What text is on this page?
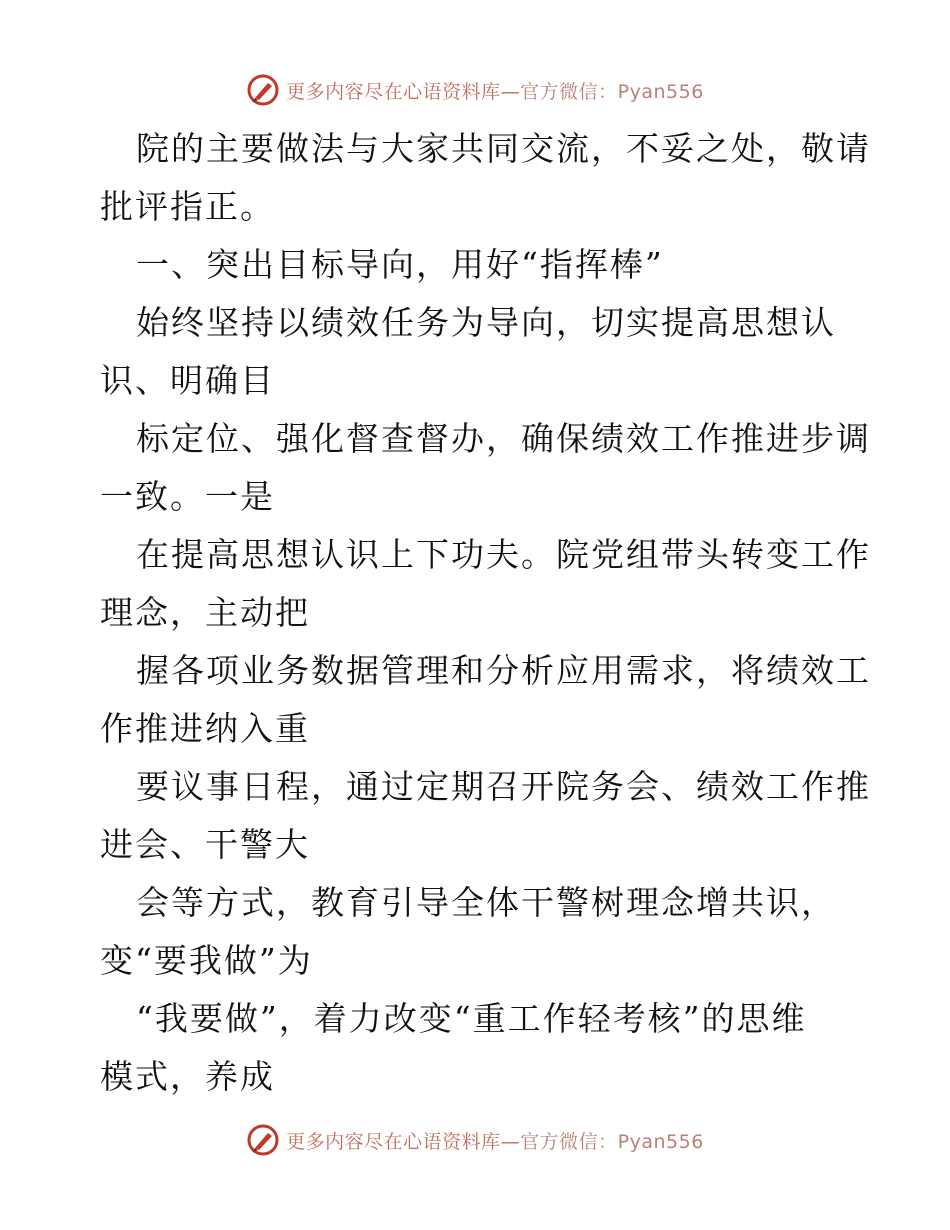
更多内容尽在心语资料库—官方微信：Pyan556
院的主要做法与大家共同交流，不妥之处，敬请
批评指正。
一、突出目标导向，用好“指挥棒”
始终坚持以绩效任务为导向，切实提高思想认
识、明确目
标定位、强化督查督办，确保绩效工作推进步调
一致。一是
在提高思想认识上下功夫。院党组带头转变工作
理念，主动把
握各项业务数据管理和分析应用需求，将绩效工
作推进纳入重
要议事日程，通过定期召开院务会、绩效工作推
进会、干警大
会等方式，教育引导全体干警树理念增共识，
变“要我做”为
“我要做”，着力改变“重工作轻考核”的思维
模式，养成
更多内容尽在心语资料库—官方微信：Pyan556
